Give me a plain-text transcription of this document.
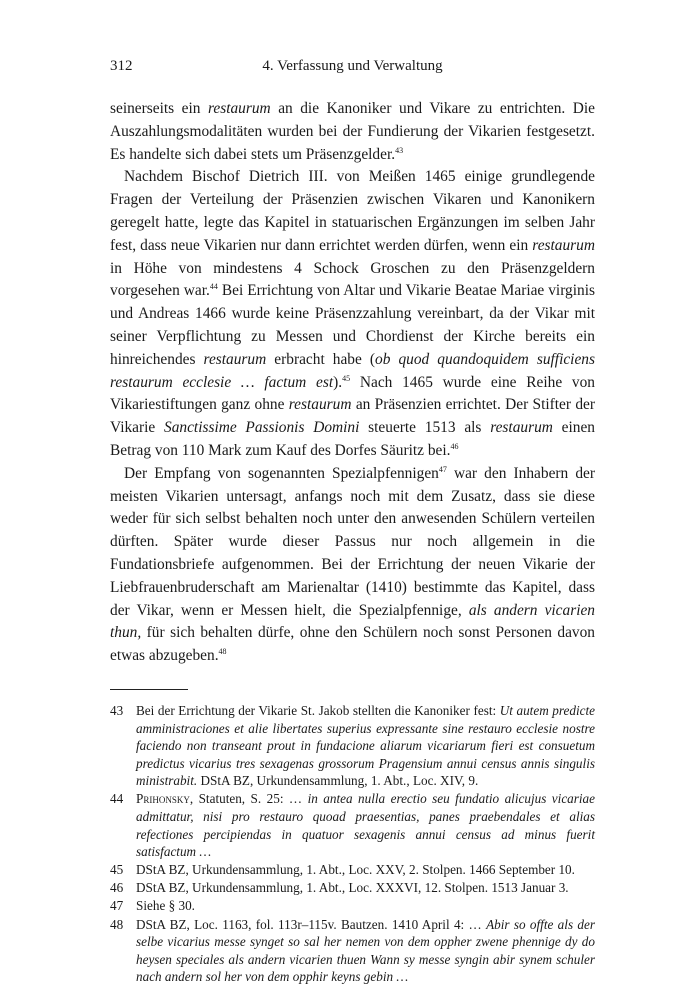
4. Verfassung und Verwaltung
312

seinerseits ein restaurum an die Kanoniker und Vikare zu entrichten. Die Auszahlungsmodalitäten wurden bei der Fundierung der Vikarien festgesetzt. Es handelte sich dabei stets um Präsenzgelder.$^{43}$

Nachdem Bischof Dietrich III. von Meißen 1465 einige grundlegende Fragen der Verteilung der Präsenzien zwischen Vikaren und Kanonikern geregelt hatte, legte das Kapitel in statuarischen Ergänzungen im selben Jahr fest, dass neue Vikarien nur dann errichtet werden dürfen, wenn ein restaurum in Höhe von mindestens 4 Schock Groschen zu den Präsenzgeldern vorgesehen war.$^{44}$ Bei Errichtung von Altar und Vikarie Beatae Mariae virginis und Andreas 1466 wurde keine Präsenzzahlung vereinbart, da der Vikar mit seiner Verpflichtung zu Messen und Chordienst der Kirche bereits ein hinreichendes restaurum erbracht habe (ob quod quandoquidem sufficiens restaurum ecclesie … factum est).$^{45}$ Nach 1465 wurde eine Reihe von Vikariestiftungen ganz ohne restaurum an Präsenzien errichtet. Der Stifter der Vikarie Sanctissime Passionis Domini steuerte 1513 als restaurum einen Betrag von 110 Mark zum Kauf des Dorfes Säuritz bei.$^{46}$

Der Empfang von sogenannten Spezialpfennigen$^{47}$ war den Inhabern der meisten Vikarien untersagt, anfangs noch mit dem Zusatz, dass sie diese weder für sich selbst behalten noch unter den anwesenden Schülern verteilen dürften. Später wurde dieser Passus nur noch allgemein in die Fundationsbriefe aufgenommen. Bei der Errichtung der neuen Vikarie der Liebfrauenbruderschaft am Marienaltar (1410) bestimmte das Kapitel, dass der Vikar, wenn er Messen hielt, die Spezialpfennige, als andern vicarien thun, für sich behalten dürfe, ohne den Schülern noch sonst Personen davon etwas abzugeben.$^{48}$

43 Bei der Errichtung der Vikarie St. Jakob stellten die Kanoniker fest: Ut autem predicte amministraciones et alie libertates superius expressante sine restauro ecclesie nostre faciendo non transeant prout in fundacione aliarum vicariarum fieri est consuetum predictus vicarius tres sexagenas grossorum Pragensium annui census annis singulis ministrabit. DStA BZ, Urkundensammlung, 1. Abt., Loc. XIV, 9.
44 Prihonsky, Statuten, S. 25: … in antea nulla erectio seu fundatio alicujus vicariae admittatur, nisi pro restauro quoad praesentias, panes praebendales et alias refectiones percipiendas in quatuor sexagenis annui census ad minus fuerit satisfactum …
45 DStA BZ, Urkundensammlung, 1. Abt., Loc. XXV, 2. Stolpen. 1466 September 10.
46 DStA BZ, Urkundensammlung, 1. Abt., Loc. XXXVI, 12. Stolpen. 1513 Januar 3.
47 Siehe § 30.
48 DStA BZ, Loc. 1163, fol. 113r–115v. Bautzen. 1410 April 4: … Abir so offte als der selbe vicarius messe synget so sal her nemen von dem oppher zwene phennige dy do heysen speciales als andern vicarien thuen Wann sy messe syngin abir synem schuler nach andern sol her von dem opphir keyns gebin …
